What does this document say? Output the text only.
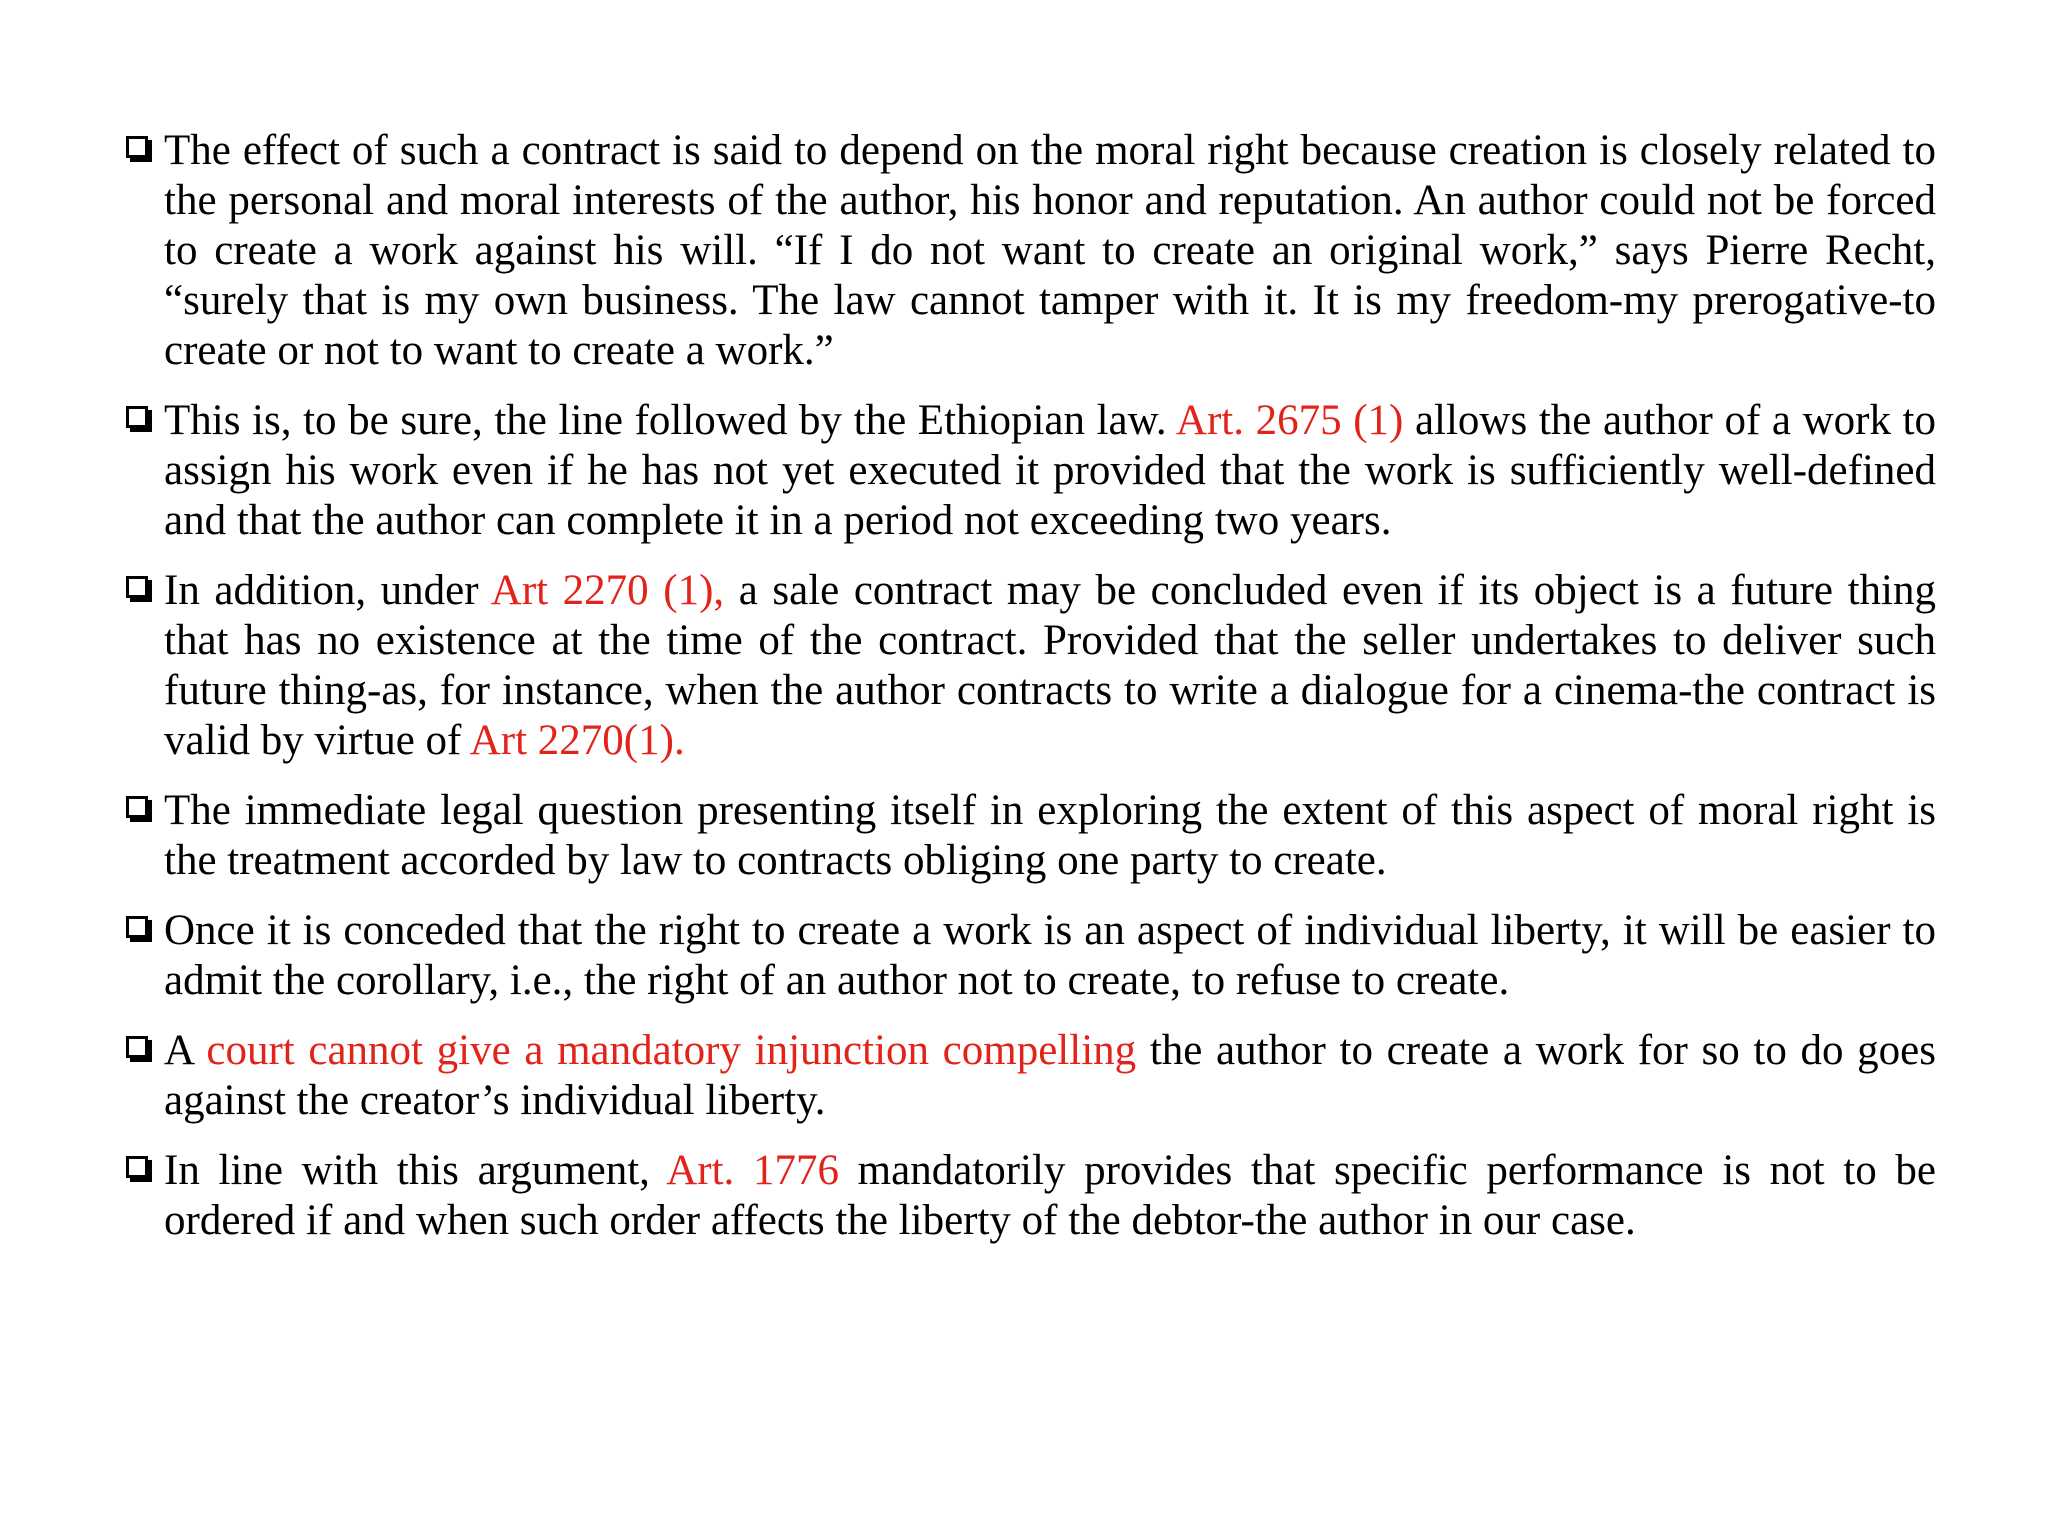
The effect of such a contract is said to depend on the moral right because creation is closely related to the personal and moral interests of the author, his honor and reputation. An author could not be forced to create a work against his will. “If I do not want to create an original work,” says Pierre Recht, “surely that is my own business. The law cannot tamper with it. It is my freedom-my prerogative-to create or not to want to create a work.”
This is, to be sure, the line followed by the Ethiopian law. Art. 2675 (1) allows the author of a work to assign his work even if he has not yet executed it provided that the work is sufficiently well-defined and that the author can complete it in a period not exceeding two years.
In addition, under Art 2270 (1), a sale contract may be concluded even if its object is a future thing that has no existence at the time of the contract. Provided that the seller undertakes to deliver such future thing-as, for instance, when the author contracts to write a dialogue for a cinema-the contract is valid by virtue of Art 2270(1).
The immediate legal question presenting itself in exploring the extent of this aspect of moral right is the treatment accorded by law to contracts obliging one party to create.
Once it is conceded that the right to create a work is an aspect of individual liberty, it will be easier to admit the corollary, i.e., the right of an author not to create, to refuse to create.
A court cannot give a mandatory injunction compelling the author to create a work for so to do goes against the creator’s individual liberty.
In line with this argument, Art. 1776 mandatorily provides that specific performance is not to be ordered if and when such order affects the liberty of the debtor-the author in our case.
